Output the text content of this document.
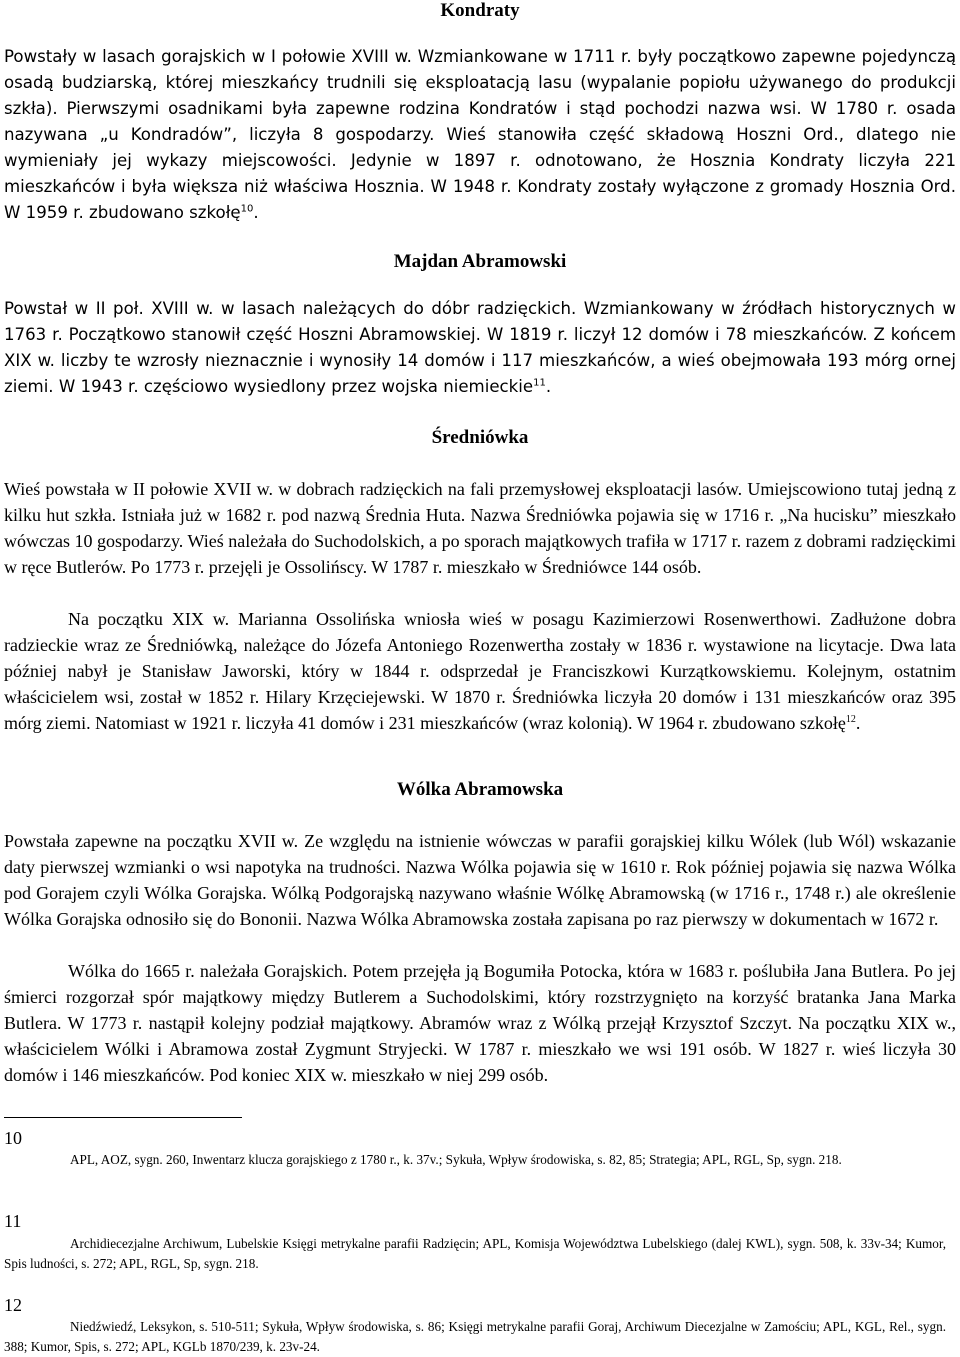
Kondraty

Powstały w lasach gorajskich w I połowie XVIII w. Wzmiankowane w 1711 r. były początkowo zapewne pojedynczą osadą budziarską, której mieszkańcy trudnili się eksploatacją lasu (wypalanie popiołu używanego do produkcji szkła). Pierwszymi osadnikami była zapewne rodzina Kondratów i stąd pochodzi nazwa wsi. W 1780 r. osada nazywana „u Kondradów”, liczyła 8 gospodarzy. Wieś stanowiła część składową Hoszni Ord., dlatego nie wymieniały jej wykazy miejscowości. Jedynie w 1897 r. odnotowano, że Hosznia Kondraty liczyła 221 mieszkańców i była większa niż właściwa Hosznia. W 1948 r. Kondraty zostały wyłączone z gromady Hosznia Ord. W 1959 r. zbudowano szkołę$^{10}$.

Majdan Abramowski

Powstał w II poł. XVIII w. w lasach należących do dóbr radzięckich. Wzmiankowany w źródłach historycznych w 1763 r. Początkowo stanowił część Hoszni Abramowskiej. W 1819 r. liczył 12 domów i 78 mieszkańców. Z końcem XIX w. liczby te wzrosły nieznacznie i wynosiły 14 domów i 117 mieszkańców, a wieś obejmowała 193 mórg ornej ziemi. W 1943 r. częściowo wysiedlony przez wojska niemieckie$^{11}$.

Średniówka

Wieś powstała w II połowie XVII w. w dobrach radzięckich na fali przemysłowej eksploatacji lasów. Umiejscowiono tutaj jedną z kilku hut szkła. Istniała już w 1682 r. pod nazwą Średnia Huta. Nazwa Średniówka pojawia się w 1716 r. „Na hucisku” mieszkało wówczas 10 gospodarzy. Wieś należała do Suchodolskich, a po sporach majątkowych trafiła w 1717 r. razem z dobrami radzięckimi w ręce Butlerów. Po 1773 r. przejęli je Ossolińscy. W 1787 r. mieszkało w Średniówce 144 osób.

Na początku XIX w. Marianna Ossolińska wniosła wieś w posagu Kazimierzowi Rosenwerthowi. Zadłużone dobra radzieckie wraz ze Średniówką, należące do Józefa Antoniego Rozenwertha zostały w 1836 r. wystawione na licytacje. Dwa lata później nabył je Stanisław Jaworski, który w 1844 r. odsprzedał je Franciszkowi Kurzątkowskiemu. Kolejnym, ostatnim właścicielem wsi, został w 1852 r. Hilary Krzęciejewski. W 1870 r. Średniówka liczyła 20 domów i 131 mieszkańców oraz 395 mórg ziemi. Natomiast w 1921 r. liczyła 41 domów i 231 mieszkańców (wraz kolonią). W 1964 r. zbudowano szkołę$^{12}$.

Wólka Abramowska

Powstała zapewne na początku XVII w. Ze względu na istnienie wówczas w parafii gorajskiej kilku Wólek (lub Wól) wskazanie daty pierwszej wzmianki o wsi napotyka na trudności. Nazwa Wólka pojawia się w 1610 r. Rok później pojawia się nazwa Wólka pod Gorajem czyli Wólka Gorajska. Wólką Podgorajską nazywano właśnie Wólkę Abramowską (w 1716 r., 1748 r.) ale określenie Wólka Gorajska odnosiło się do Bononii. Nazwa Wólka Abramowska została zapisana po raz pierwszy w dokumentach w 1672 r.

Wólka do 1665 r. należała Gorajskich. Potem przejęła ją Bogumiła Potocka, która w 1683 r. poślubiła Jana Butlera. Po jej śmierci rozgorzał spór majątkowy między Butlerem a Suchodolskimi, który rozstrzygnięto na korzyść bratanka Jana Marka Butlera. W 1773 r. nastąpił kolejny podział majątkowy. Abramów wraz z Wólką przejął Krzysztof Szczyt. Na początku XIX w., właścicielem Wólki i Abramowa został Zygmunt Stryjecki. W 1787 r. mieszkało we wsi 191 osób. W 1827 r. wieś liczyła 30 domów i 146 mieszkańców. Pod koniec XIX w. mieszkało w niej 299 osób.

10

APL, AOZ, sygn. 260, Inwentarz klucza gorajskiego z 1780 r., k. 37v.; Sykuła, Wpływ środowiska, s. 82, 85; Strategia; APL, RGL, Sp, sygn. 218.

11

Archidiecezjalne Archiwum, Lubelskie Księgi metrykalne parafii Radzięcin; APL, Komisja Województwa Lubelskiego (dalej KWL), sygn. 508, k. 33v-34; Kumor, Spis ludności, s. 272; APL, RGL, Sp, sygn. 218.

12

Niedźwiedź, Leksykon, s. 510-511; Sykuła, Wpływ środowiska, s. 86; Księgi metrykalne parafii Goraj, Archiwum Diecezjalne w Zamościu; APL, KGL, Rel., sygn. 388; Kumor, Spis, s. 272; APL, KGLb 1870/239, k. 23v-24.
